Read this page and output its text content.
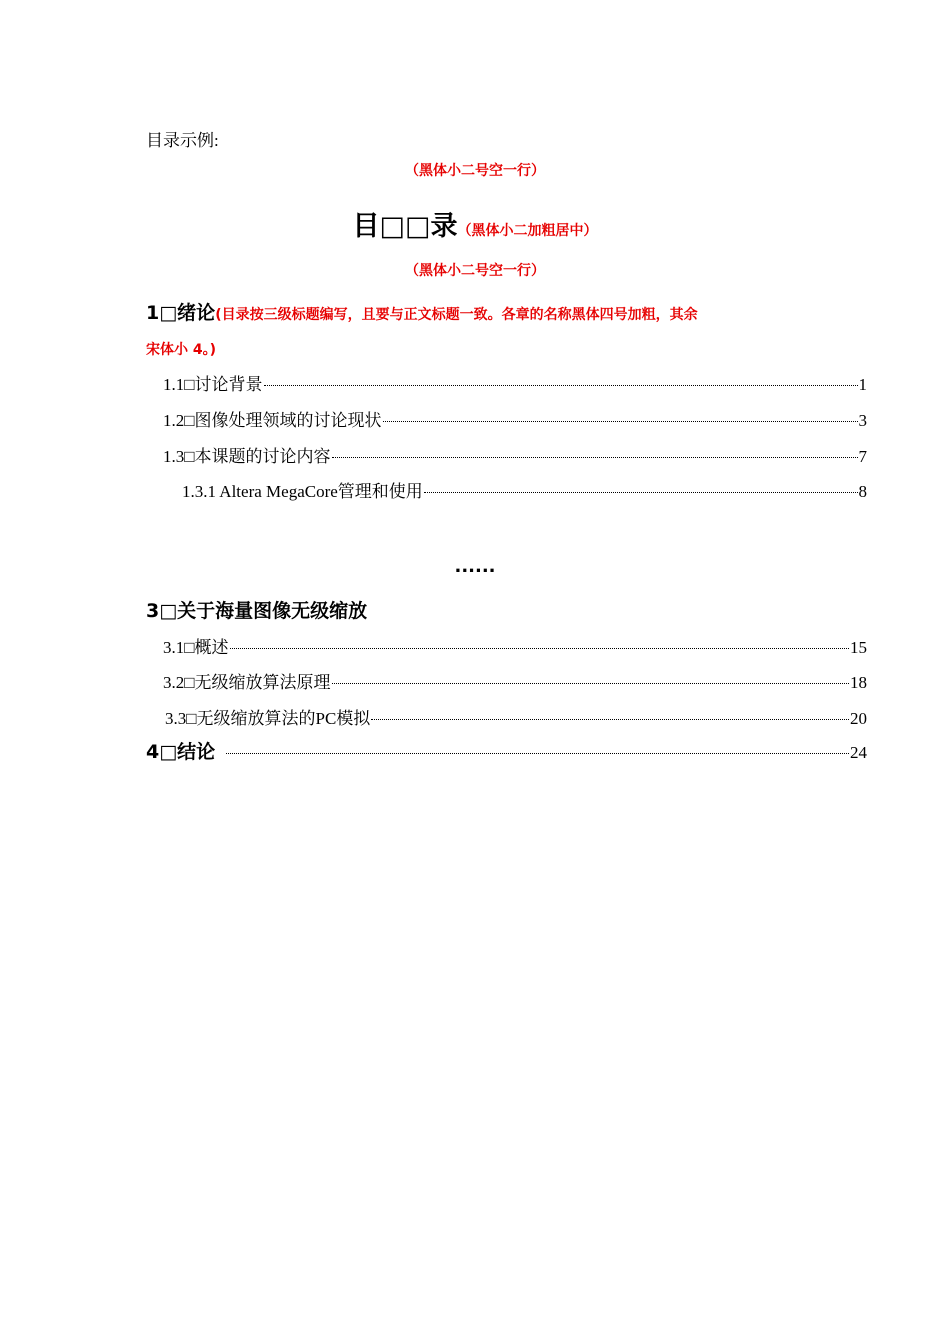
目录示例:
（黑体小二号空一行）
目□□录（黑体小二加粗居中）
（黑体小二号空一行）
1□绪论(目录按三级标题编写，且要与正文标题一致。各章的名称黑体四号加粗，其余
宋体小 4。)
1.1□讨论背景	1
1.2□图像处理领域的讨论现状	3
1.3□本课题的讨论内容	7
1.3.1 Altera MegaCore管理和使用	8
......
3□关于海量图像无级缩放
3.1□概述	15
3.2□无级缩放算法原理	18
3.3□无级缩放算法的PC模拟	20
4□结论	24
